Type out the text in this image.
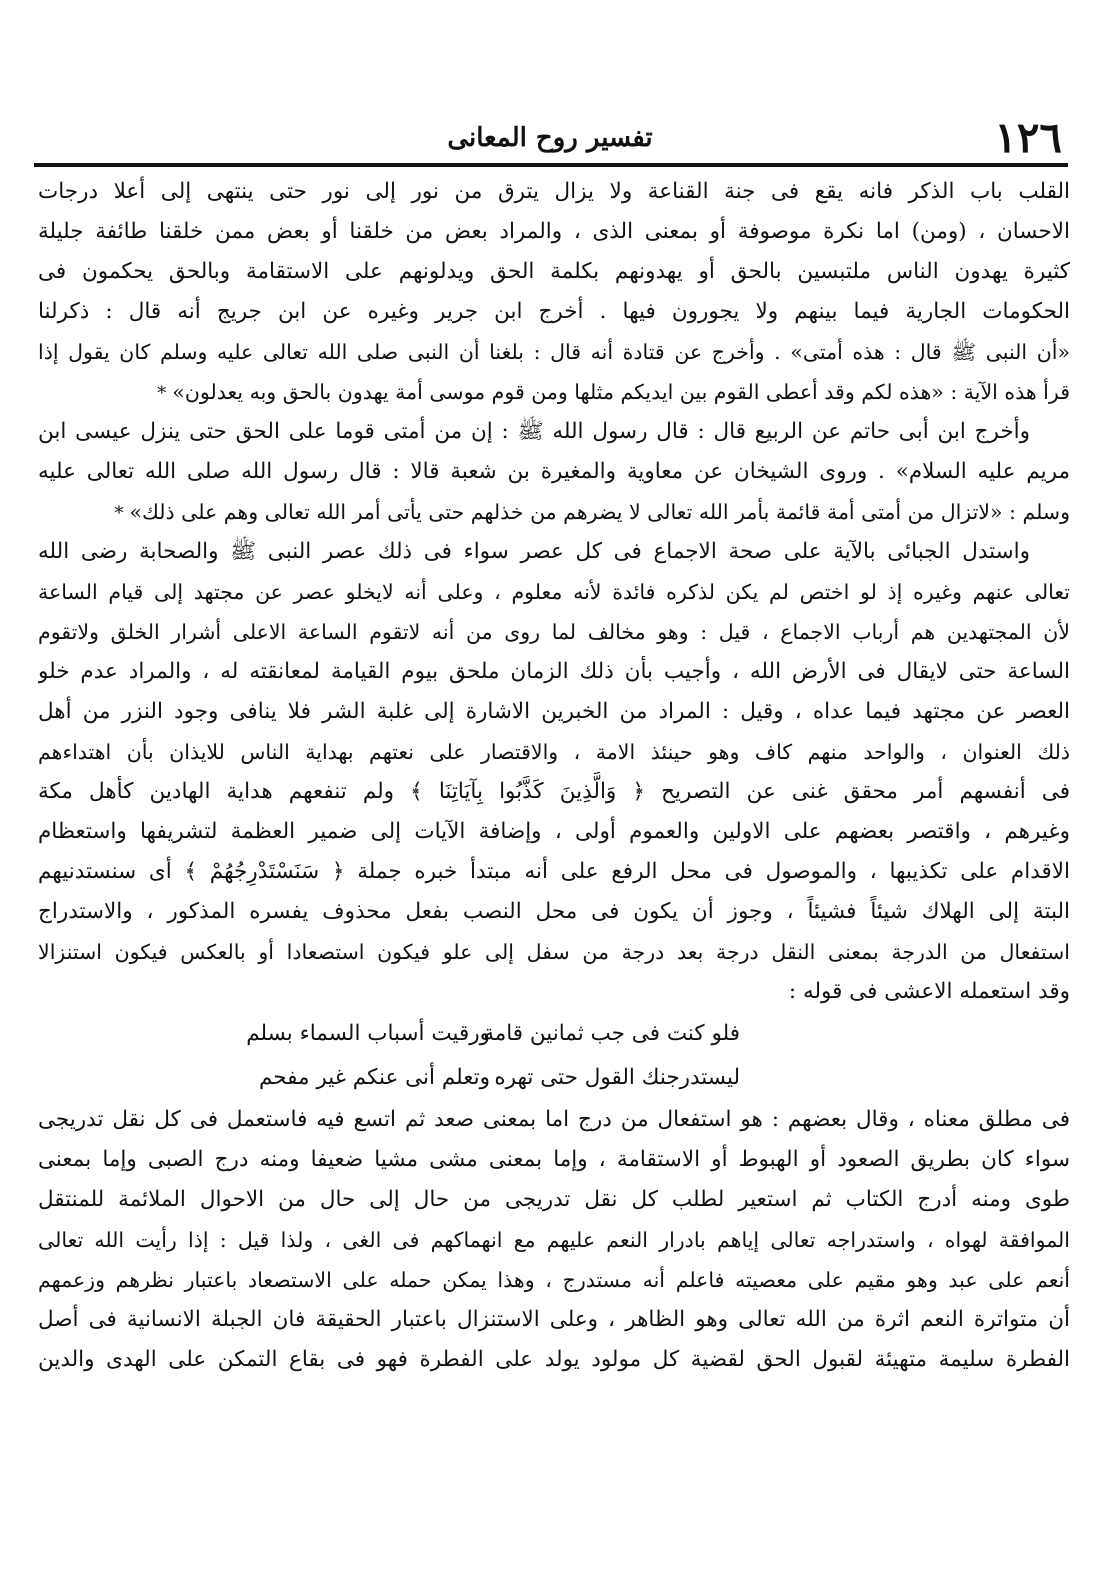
١٢٦
تفسير روح المعانى
القلب باب الذكر فانه يقع فى جنة القناعة ولا يزال يترق من نور إلى نور حتى ينتهى إلى أعلا درجات
الاحسان ، (ومن) اما نكرة موصوفة أو بمعنى الذى ، والمراد بعض من خلقنا أو بعض ممن خلقنا طائفة جليلة
كثيرة يهدون الناس ملتبسين بالحق أو يهدونهم بكلمة الحق ويدلونهم على الاستقامة وبالحق يحكمون فى
الحكومات الجارية فيما بينهم ولا يجورون فيها . أخرج ابن جرير وغيره عن ابن جريج أنه قال : ذكرلنا
«أن النبى ﷺ قال : هذه أمتى» . وأخرج عن قتادة أنه قال : بلغنا أن النبى صلى الله تعالى عليه وسلم كان يقول إذا
قرأ هذه الآية : «هذه لكم وقد أعطى القوم بين ايديكم مثلها ومن قوم موسى أمة يهدون بالحق وبه يعدلون»*
وأخرج ابن أبى حاتم عن الربيع قال : قال رسول الله ﷺ : إن من أمتى قوما على الحق حتى ينزل عيسى ابن
مريم عليه السلام» . وروى الشيخان عن معاوية والمغيرة بن شعبة قالا : قال رسول الله صلى الله تعالى عليه
وسلم : «لاتزال من أمتى أمة قائمة بأمر الله تعالى لا يضرهم من خذلهم حتى يأتى أمر الله تعالى وهم على ذلك»*
واستدل الجبائى بالآية على صحة الاجماع فى كل عصر سواء فى ذلك عصر النبى ﷺ والصحابة رضى الله
تعالى عنهم وغيره إذ لو اختص لم يكن لذكره فائدة لأنه معلوم ، وعلى أنه لايخلو عصر عن مجتهد إلى قيام الساعة
لأن المجتهدين هم أرباب الاجماع ، قيل : وهو مخالف لما روى من أنه لاتقوم الساعة الاعلى أشرار الخلق ولاتقوم
الساعة حتى لايقال فى الأرض الله ، وأجيب بأن ذلك الزمان ملحق بيوم القيامة لمعانقته له ، والمراد عدم خلو
العصر عن مجتهد فيما عداه ، وقيل : المراد من الخبرين الاشارة إلى غلبة الشر فلا ينافى وجود النزر من أهل
ذلك العنوان ، والواحد منهم كاف وهو حينئذ الامة ، والاقتصار على نعتهم بهداية الناس للايذان بأن اهتداءهم
فى أنفسهم أمر محقق غنى عن التصريح ﴿ وَالَّذِينَ كَذَّبُوا بِآيَاتِنَا ﴾ ولم تنفعهم هداية الهادين كأهل مكة
وغيرهم ، واقتصر بعضهم على الاولين والعموم أولى ، وإضافة الآيات إلى ضمير العظمة لتشريفها واستعظام
الاقدام على تكذيبها ، والموصول فى محل الرفع على أنه مبتدأ خبره جملة ﴿ سَنَسْتَدْرِجُهُمْ ﴾ أى سنستدنيهم
البتة إلى الهلاك شيئاً فشيئاً ، وجوز أن يكون فى محل النصب بفعل محذوف يفسره المذكور ، والاستدراج
استفعال من الدرجة بمعنى النقل درجة بعد درجة من سفل إلى علو فيكون استصعادا أو بالعكس فيكون استنزالا
وقد استعمله الاعشى فى قوله :
فلو كنت فى جب ثمانين قامة
ورقيت أسباب السماء بسلم
ليستدرجنك القول حتى تهره
وتعلم أنى عنكم غير مفحم
فى مطلق معناه ، وقال بعضهم : هو استفعال من درج اما بمعنى صعد ثم اتسع فيه فاستعمل فى كل نقل تدريجى
سواء كان بطريق الصعود أو الهبوط أو الاستقامة ، وإما بمعنى مشى مشيا ضعيفا ومنه درج الصبى وإما بمعنى
طوى ومنه أدرج الكتاب ثم استعير لطلب كل نقل تدريجى من حال إلى حال من الاحوال الملائمة للمنتقل
الموافقة لهواه ، واستدراجه تعالى إياهم بادرار النعم عليهم مع انهماكهم فى الغى ، ولذا قيل : إذا رأيت الله تعالى
أنعم على عبد وهو مقيم على معصيته فاعلم أنه مستدرج ، وهذا يمكن حمله على الاستصعاد باعتبار نظرهم وزعمهم
أن متواترة النعم اثرة من الله تعالى وهو الظاهر ، وعلى الاستنزال باعتبار الحقيقة فان الجبلة الانسانية فى أصل
الفطرة سليمة متهيئة لقبول الحق لقضية كل مولود يولد على الفطرة فهو فى بقاع التمكن على الهدى والدين
